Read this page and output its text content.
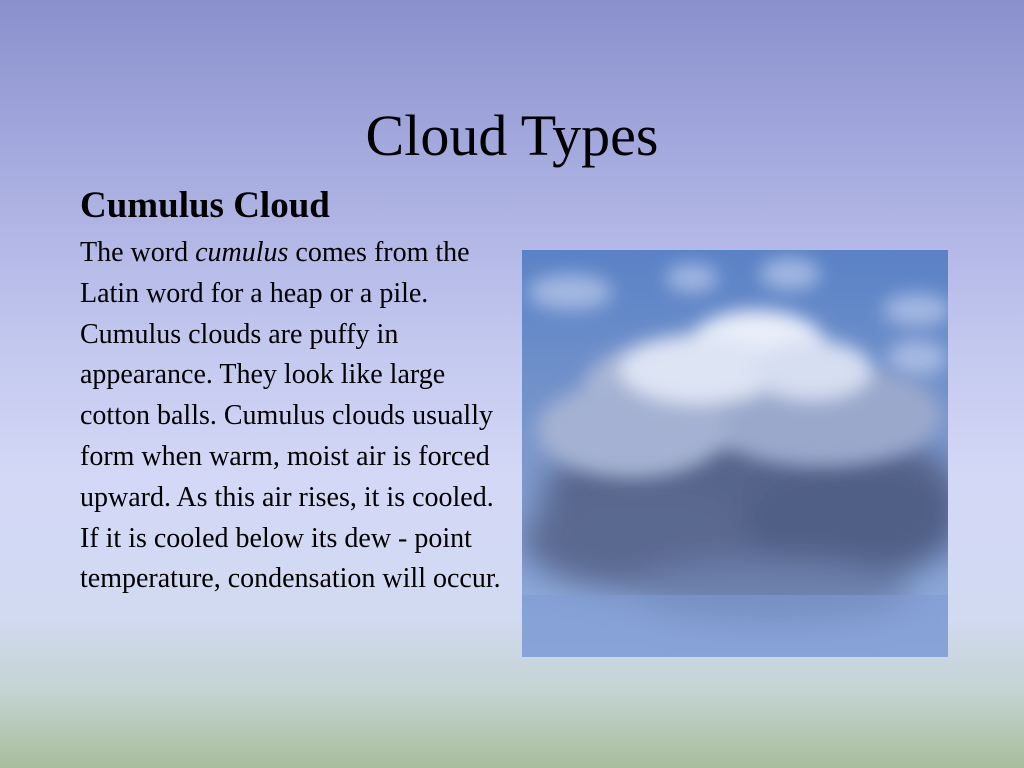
Cloud Types
Cumulus Cloud

The word cumulus comes from the Latin word for a heap or a pile. Cumulus clouds are puffy in appearance. They look like large cotton balls. Cumulus clouds usually form when warm, moist air is forced upward. As this air rises, it is cooled. If it is cooled below its dew - point temperature, condensation will occur.
